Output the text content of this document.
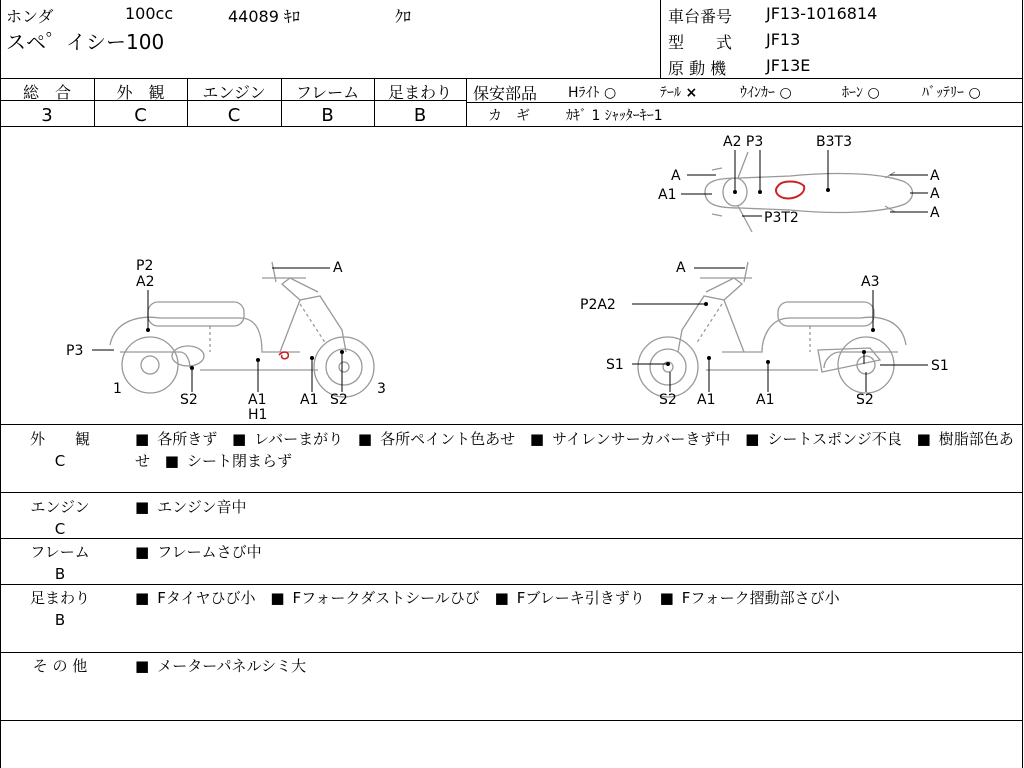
ホンダ	100cc	44089 ｷﾛ	ｸﾛ
スペ゜イシー100
車台番号 JF13-1016814
型　　式 JF13
原 動 機 JF13E
総　合
3
外　観
C
エンジン
C
フレーム
B
足まわり
B
保安部品 Hﾗｲﾄ ○	ﾃｰﾙ ×	ｳｲﾝｶｰ ○	ﾎｰﾝ ○	ﾊﾞｯﾃﾘｰ ○
カ　ギ	ｶｷﾞ 1 ｼｬｯﾀｰｷｰ1
A2 P3	B3T3
A
A1
P3T2
A
A
A
P2
A2
A
P3
1
S2	A1
H1
A1 S2
3
A
A3
P2A2
S1	S1
S2 A1	A1	S2
外　　観
C
■ 各所きず ■ レバーまがり ■ 各所ペイント色あせ ■ サイレンサーカバーきず中 ■ シートスポンジ不良 ■ 樹脂部色あせ ■ シート閉まらず
エンジン
C
■ エンジン音中
フレーム
B
■ フレームさび中
足まわり
B
■ Fタイヤひび小 ■ Fフォークダストシールひび ■ Fブレーキ引きずり ■ Fフォーク摺動部さび小
そ の 他	■ メーターパネルシミ大
